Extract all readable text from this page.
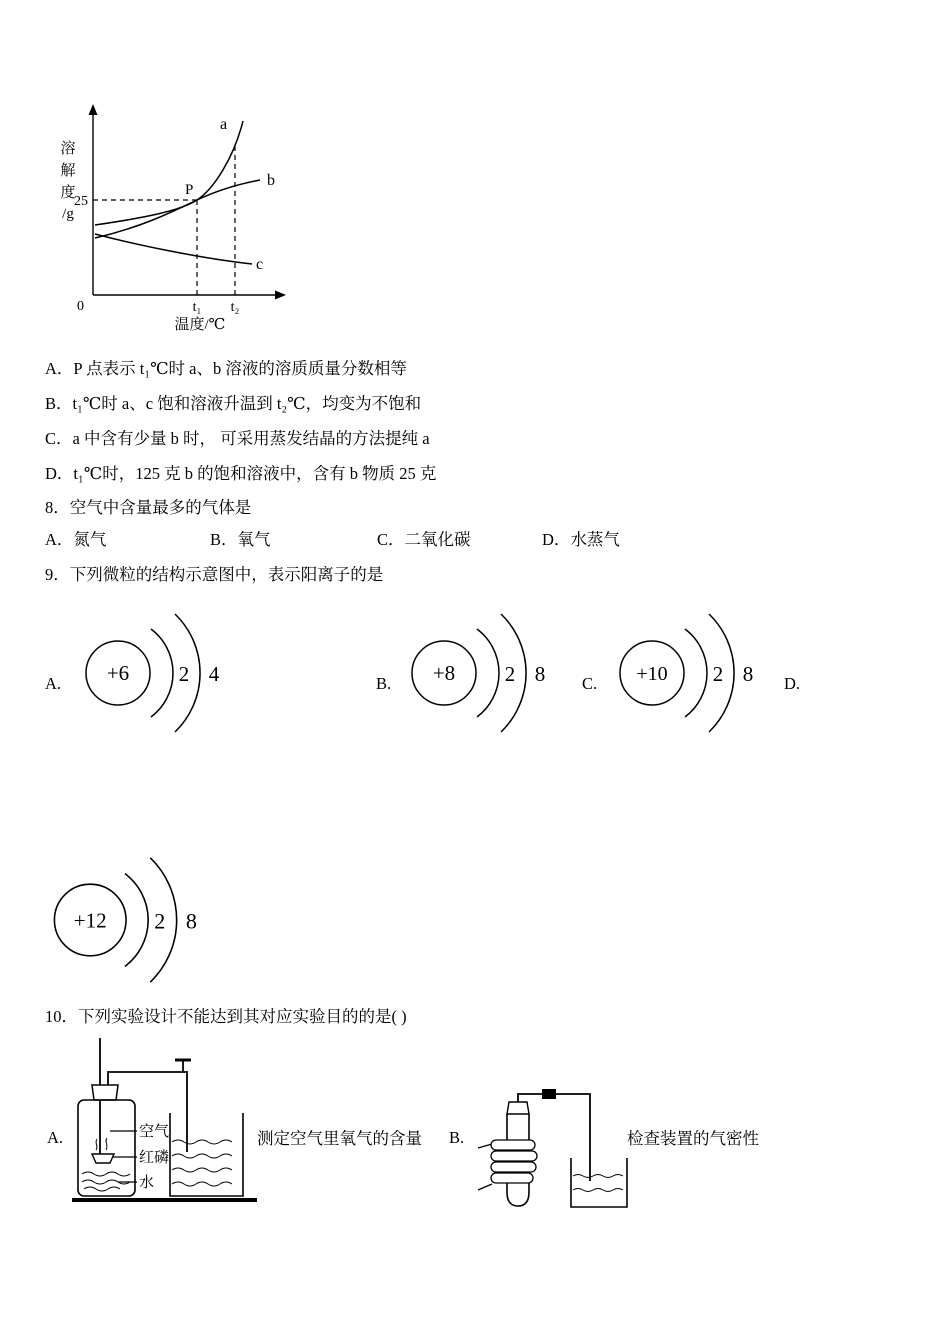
a
b
c
P
25
0	t₁ t₂
温度/℃
溶
解
度
/g
A．P 点表示 t₁℃时 a、b 溶液的溶质质量分数相等
B．t₁℃时 a、c 饱和溶液升温到 t₂℃，均变为不饱和
C．a 中含有少量 b 时， 可采用蒸发结晶的方法提纯 a
D．t₁℃时，125 克 b 的饱和溶液中，含有 b 物质 25 克
8．空气中含量最多的气体是
A．氮气	B．氧气	C．二氧化碳	D．水蒸气
9．下列微粒的结构示意图中，表示阳离子的是
A.	B.	C.	D.
+6 2 4	+8 2 8	+10 2 8
+12 2 8
10．下列实验设计不能达到其对应实验目的的是( )
空气
红磷
水
A.	测定空气里氧气的含量 B.	检查装置的气密性
